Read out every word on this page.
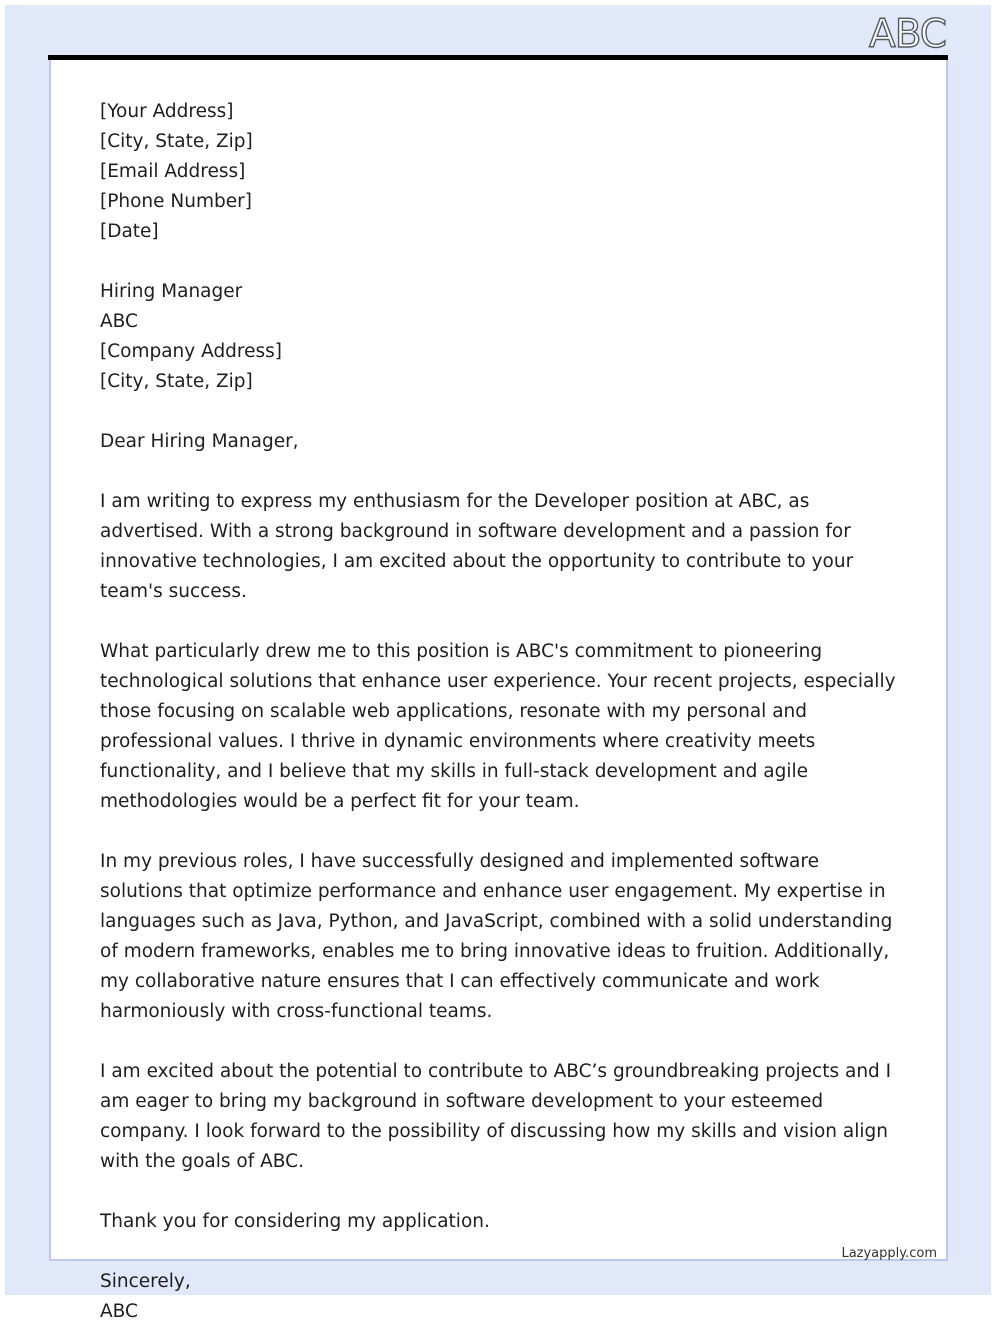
ABC
[Your Address]
[City, State, Zip]
[Email Address]
[Phone Number]
[Date]
Hiring Manager
ABC
[Company Address]
[City, State, Zip]
Dear Hiring Manager,
I am writing to express my enthusiasm for the Developer position at ABC, as advertised. With a strong background in software development and a passion for innovative technologies, I am excited about the opportunity to contribute to your team's success.
What particularly drew me to this position is ABC's commitment to pioneering technological solutions that enhance user experience. Your recent projects, especially those focusing on scalable web applications, resonate with my personal and professional values. I thrive in dynamic environments where creativity meets functionality, and I believe that my skills in full-stack development and agile methodologies would be a perfect fit for your team.
In my previous roles, I have successfully designed and implemented software solutions that optimize performance and enhance user engagement. My expertise in languages such as Java, Python, and JavaScript, combined with a solid understanding of modern frameworks, enables me to bring innovative ideas to fruition. Additionally, my collaborative nature ensures that I can effectively communicate and work harmoniously with cross-functional teams.
I am excited about the potential to contribute to ABC’s groundbreaking projects and I am eager to bring my background in software development to your esteemed company. I look forward to the possibility of discussing how my skills and vision align with the goals of ABC.
Thank you for considering my application.
Sincerely,
ABC
Lazyapply.com
